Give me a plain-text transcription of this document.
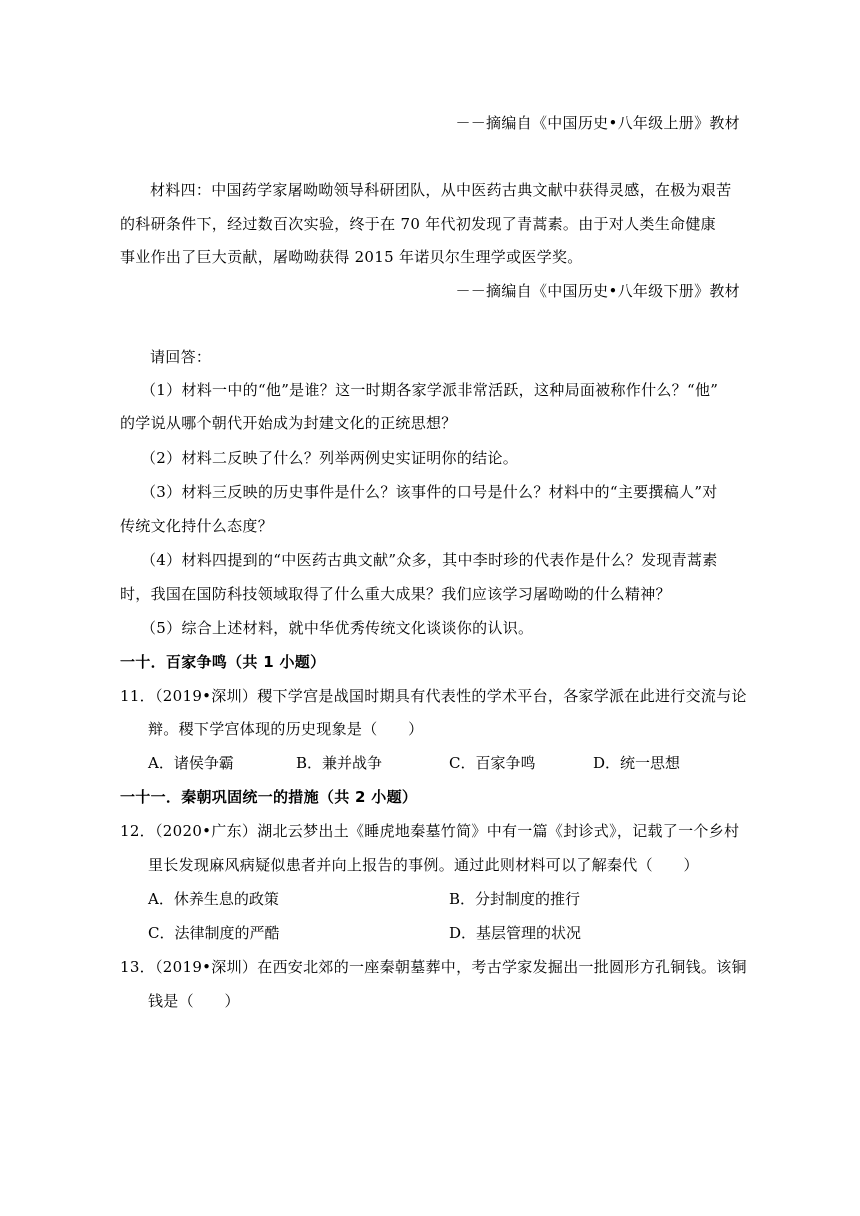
－－摘编自《中国历史•八年级上册》教材
材料四：中国药学家屠呦呦领导科研团队，从中医药古典文献中获得灵感，在极为艰苦
的科研条件下，经过数百次实验，终于在 70 年代初发现了青蒿素。由于对人类生命健康
事业作出了巨大贡献，屠呦呦获得 2015 年诺贝尔生理学或医学奖。
－－摘编自《中国历史•八年级下册》教材
请回答：
（1）材料一中的“他”是谁？这一时期各家学派非常活跃，这种局面被称作什么？“他”
的学说从哪个朝代开始成为封建文化的正统思想？
（2）材料二反映了什么？列举两例史实证明你的结论。
（3）材料三反映的历史事件是什么？该事件的口号是什么？材料中的“主要撰稿人”对
传统文化持什么态度？
（4）材料四提到的“中医药古典文献”众多，其中李时珍的代表作是什么？发现青蒿素
时，我国在国防科技领域取得了什么重大成果？我们应该学习屠呦呦的什么精神？
（5）综合上述材料，就中华优秀传统文化谈谈你的认识。
一十．百家争鸣（共 1 小题）
11．（2019•深圳）稷下学宫是战国时期具有代表性的学术平台，各家学派在此进行交流与论
辩。稷下学宫体现的历史现象是（　　）
A．诸侯争霸	B．兼并战争	C．百家争鸣	D．统一思想
一十一．秦朝巩固统一的措施（共 2 小题）
12．（2020•广东）湖北云梦出土《睡虎地秦墓竹简》中有一篇《封诊式》，记载了一个乡村
里长发现麻风病疑似患者并向上报告的事例。通过此则材料可以了解秦代（　　）
A．休养生息的政策	B．分封制度的推行
C．法律制度的严酷	D．基层管理的状况
13．（2019•深圳）在西安北郊的一座秦朝墓葬中，考古学家发掘出一批圆形方孔铜钱。该铜
钱是（　　）
